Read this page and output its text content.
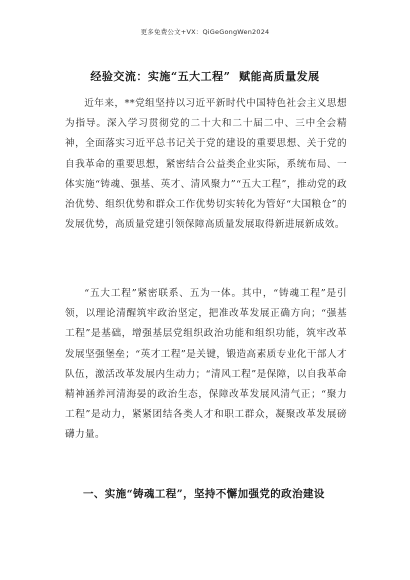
更多免费公文+VX：QiGeGongWen2024
经验交流：实施“五大工程”  赋能高质量发展

近年来，**党组坚持以习近平新时代中国特色社会主义思想为指导。深入学习贯彻党的二十大和二十届二中、三中全会精神，全面落实习近平总书记关于党的建设的重要思想、关于党的自我革命的重要思想，紧密结合公益类企业实际，系统布局、一体实施“铸魂、强基、英才、清风聚力”“五大工程”，推动党的政治优势、组织优势和群众工作优势切实转化为管好“大国粮仓”的发展优势，高质量党建引领保障高质量发展取得新进展新成效。

“五大工程”紧密联系、五为一体。其中，“铸魂工程”是引领，以理论清醒筑牢政治坚定，把准改革发展正确方向；“强基工程”是基础，增强基层党组织政治功能和组织功能，筑牢改革发展坚强堡垒；“英才工程”是关键，锻造高素质专业化干部人才队伍，激活改革发展内生动力；“清风工程”是保障，以自我革命精神涵养河清海晏的政治生态，保障改革发展风清气正；“聚力工程”是动力，紧紧团结各类人才和职工群众，凝聚改革发展磅礴力量。

一、实施“铸魂工程”，坚持不懈加强党的政治建设
